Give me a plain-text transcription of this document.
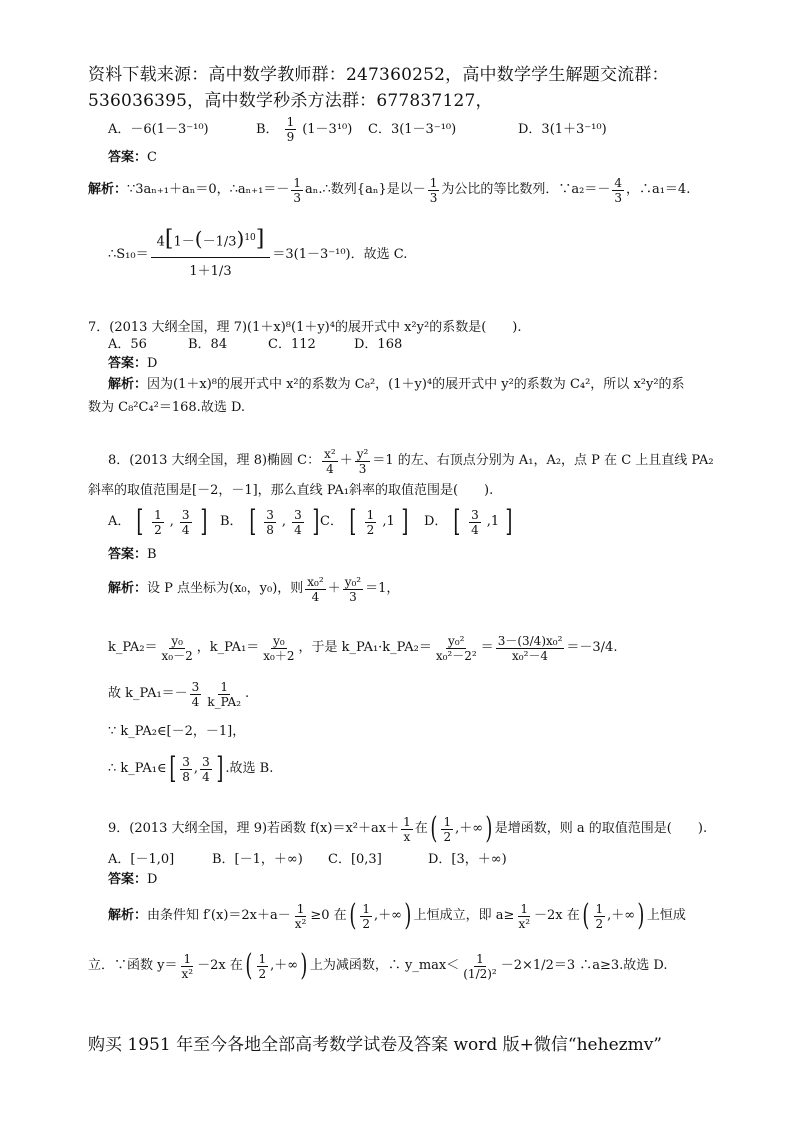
资料下载来源：高中数学教师群：247360252，高中数学学生解题交流群：536036395，高中数学秒杀方法群：677837127，
A．－6(1－3⁻¹⁰)	B． 1
9
(1－3¹⁰) C．3(1－3⁻¹⁰)	D．3(1＋3⁻¹⁰)
答案：C
解析： ∵3aₙ₊₁＋aₙ＝0，∴aₙ₊₁＝－ 1
3
aₙ.∴数列{aₙ}是以－ 1
3
为公比的等比数列．∵a₂＝－ 4
3
，∴a₁＝4.
∴S₁₀＝
$4[1-(-1/3)^{10}]$
1＋1/3
＝3(1－3⁻¹⁰)．故选 C.
7．(2013 大纲全国，理 7)(1＋x)⁸(1＋y)⁴的展开式中 x²y²的系数是(　　).
A．56	B．84	C．112	D．168
答案：D
解析：因为(1＋x)⁸的展开式中 x²的系数为 C₈²，(1＋y)⁴的展开式中 y²的系数为 C₄²，所以 x²y²的系
数为 C₈²C₄²＝168.故选 D.
8．(2013 大纲全国，理 8)椭圆 C： x²
4
＋ y²
3
＝1 的左、右顶点分别为 A₁，A₂，点 P 在 C 上且直线 PA₂
斜率的取值范围是[－2，－1]，那么直线 PA₁斜率的取值范围是(　　).
A． [ 1
2
, 3
4 ] B． [ 3
8
, 3
4 ] C． [ 1
2
,1 ] D． [ 3
4
,1 ]
答案：B
解析： 设 P 点坐标为(x₀，y₀)，则 x₀²
4
＋ y₀²
3
＝1，
k_PA₂＝ y₀
x₀－2
，k_PA₁＝ y₀
x₀＋2
，于是 k_PA₁·k_PA₂＝ y₀²
x₀²－2²
＝ 3－(3/4)x₀²
x₀²－4
＝－3/4.
故 k_PA₁＝－ 3
4
1
k_PA₂
.
∵ k_PA₂∈[－2，－1]，
∴ k_PA₁∈ [ 3
8
, 3
4 ] .故选 B.
9．(2013 大纲全国，理 9)若函数 f(x)＝x²＋ax＋ 1
x
在 ( 1
2
,＋∞ ) 是增函数，则 a 的取值范围是(　　).
A．[－1,0]	B．[－1，＋∞)	C．[0,3]	D．[3，＋∞)
答案：D
解析： 由条件知 $f'(x)=2x+a- \frac{1}{\text{x²}} \ge 0$ 在 ( 1
2
,＋∞ ) 上恒成立，即 $a\ge \frac{1}{\text{x²}} -2x$ 在 ( 1
2
,＋∞ ) 上恒成
立．∵函数 y＝ 1
x²
－2x 在 ( 1
2
,＋∞ ) 上为减函数，∴ y_max＜ 1
(1/2)²
－2×1/2＝3 ∴a≥3.故选 D.
购买 1951 年至今各地全部高考数学试卷及答案 word 版+微信“hehezmv”
